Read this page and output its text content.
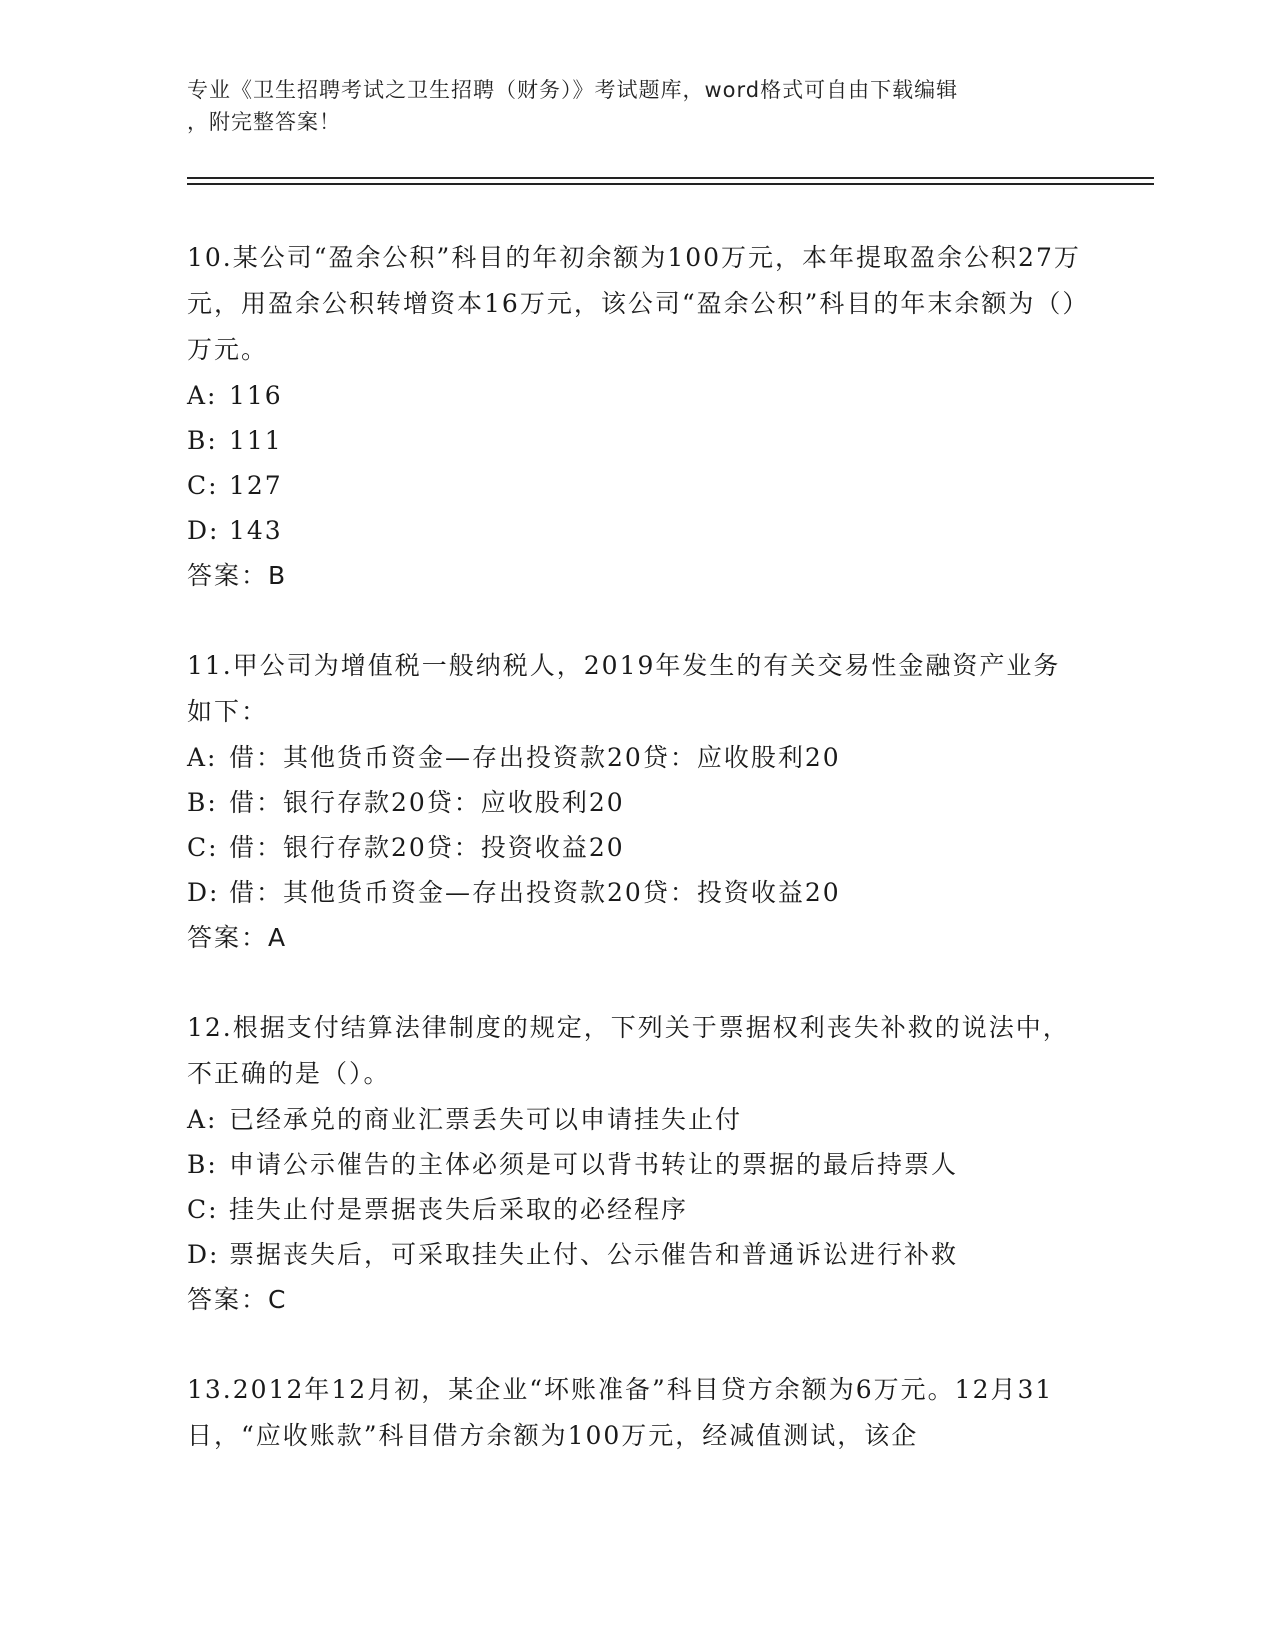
专业《卫生招聘考试之卫生招聘（财务）》考试题库，word格式可自由下载编辑
，附完整答案！
10.某公司“盈余公积”科目的年初余额为100万元，本年提取盈余公积27万元，用盈余公积转增资本16万元，该公司“盈余公积”科目的年末余额为（）万元。
A: 116
B: 111
C: 127
D: 143
答案：B
11.甲公司为增值税一般纳税人，2019年发生的有关交易性金融资产业务如下：
A: 借：其他货币资金—存出投资款20贷：应收股利20
B: 借：银行存款20贷：应收股利20
C: 借：银行存款20贷：投资收益20
D: 借：其他货币资金—存出投资款20贷：投资收益20
答案：A
12.根据支付结算法律制度的规定，下列关于票据权利丧失补救的说法中，不正确的是（）。
A: 已经承兑的商业汇票丢失可以申请挂失止付
B: 申请公示催告的主体必须是可以背书转让的票据的最后持票人
C: 挂失止付是票据丧失后采取的必经程序
D: 票据丧失后，可采取挂失止付、公示催告和普通诉讼进行补救
答案：C
13.2012年12月初，某企业“坏账准备”科目贷方余额为6万元。12月31日，“应收账款”科目借方余额为100万元，经减值测试，该企
